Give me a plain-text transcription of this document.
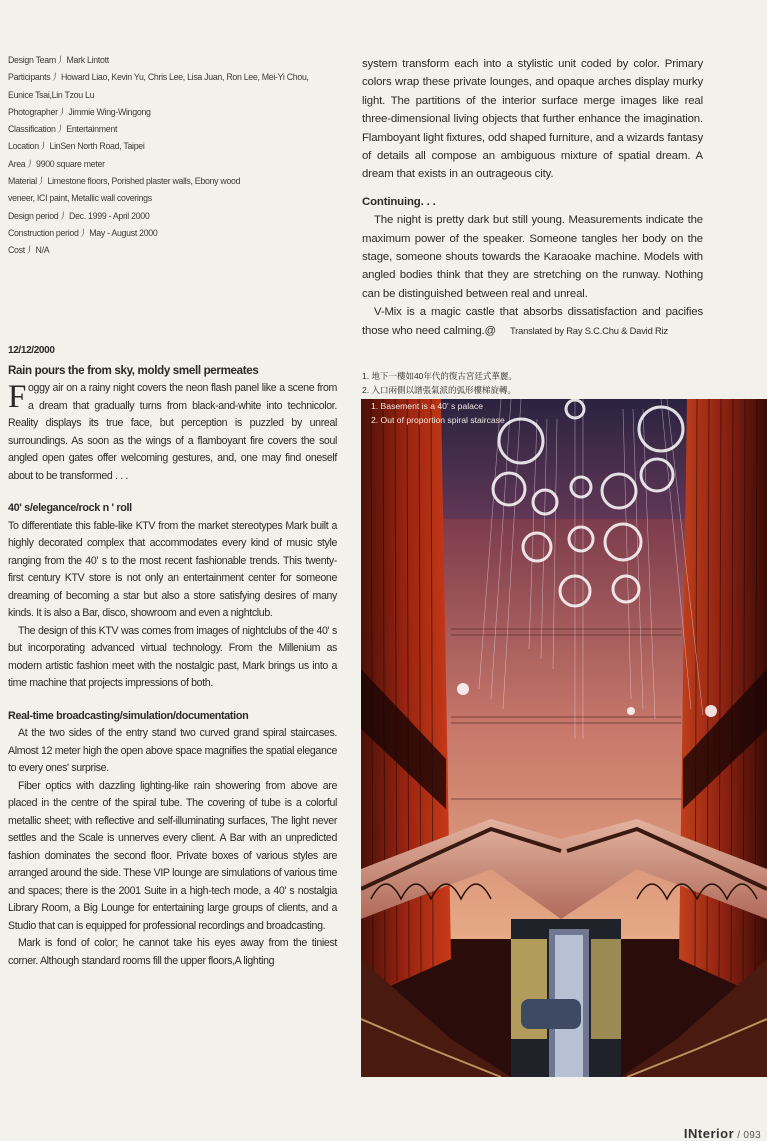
Design Team丿 Mark Lintott
Participants丿 Howard Liao, Kevin Yu, Chris Lee, Lisa Juan, Ron Lee, Mei-Yi Chou,
Eunice Tsai,Lin Tzou Lu
Photographer丿 Jimmie Wing-Wingong
Classification丿 Entertainment
Location丿 LinSen North Road, Taipei
Area丿 9900 square meter
Material丿 Limestone floors, Porished plaster walls, Ebony wood
veneer, ICI paint, Metallic wall coverings
Design period丿 Dec. 1999 - April 2000
Construction period丿 May - August 2000
Cost丿 N/A
12/12/2000
Rain pours the from sky, moldy smell permeates

Foggy air on a rainy night covers the neon flash panel like a scene from a dream that gradually turns from black-and-white into technicolor. Reality displays its true face, but perception is puzzled by unreal surroundings. As soon as the wings of a flamboyant fire covers the soul angled open gates offer welcoming gestures, and, one may find oneself about to be transformed . . .

40' s/elegance/rock n ' roll

To differentiate this fable-like KTV from the market stereotypes Mark built a highly decorated complex that accommodates every kind of music style ranging from the 40' s to the most recent fashionable trends. This twenty-first century KTV store is not only an entertainment center for someone dreaming of becoming a star but also a store satisfying desires of many kinds. It is also a Bar, disco, showroom and even a nightclub.

The design of this KTV was comes from images of nightclubs of the 40' s but incorporating advanced virtual technology. From the Millenium as modern artistic fashion meet with the nostalgic past, Mark brings us into a time machine that projects impressions of both.

Real-time broadcasting/simulation/documentation

At the two sides of the entry stand two curved grand spiral staircases. Almost 12 meter high the open above space magnifies the spatial elegance to every ones' surprise.

Fiber optics with dazzling lighting-like rain showering from above are placed in the centre of the spiral tube. The covering of tube is a colorful metallic sheet; with reflective and self-illuminating surfaces, The light never settles and the Scale is unnerves every client. A Bar with an unpredicted fashion dominates the second floor. Private boxes of various styles are arranged around the side. These VIP lounge are simulations of various time and spaces; there is the 2001 Suite in a high-tech mode, a 40' s nostalgia Library Room, a Big Lounge for entertaining large groups of clients, and a Studio that can is equipped for professional recordings and broadcasting.

Mark is fond of color; he cannot take his eyes away from the tiniest corner. Although standard rooms fill the upper floors,A lighting

system transform each into a stylistic unit coded by color. Primary colors wrap these private lounges, and opaque arches display murky light. The partitions of the interior surface merge images like real three-dimensional living objects that further enhance the imagination. Flamboyant light fixtures, odd shaped furniture, and a wizards fantasy of details all compose an ambiguous mixture of spatial dream. A dream that exists in an outrageous city.

Continuing. . .

The night is pretty dark but still young. Measurements indicate the maximum power of the speaker. Someone tangles her body on the stage, someone shouts towards the Karaoake machine. Models with angled bodies think that they are stretching on the runway. Nothing can be distinguished between real and unreal.

V-Mix is a magic castle that absorbs dissatisfaction and pacifies those who need calming.@ Translated by Ray S.C.Chu & David Riz

1. 地下一樓如40年代的復古宮廷式華麗。
2. 入口兩側以譜張氣派的弧形樓梯旋轉。
1. Basement is a 40' s palace
2. Out of proportion spiral staircase
INterior / 093
